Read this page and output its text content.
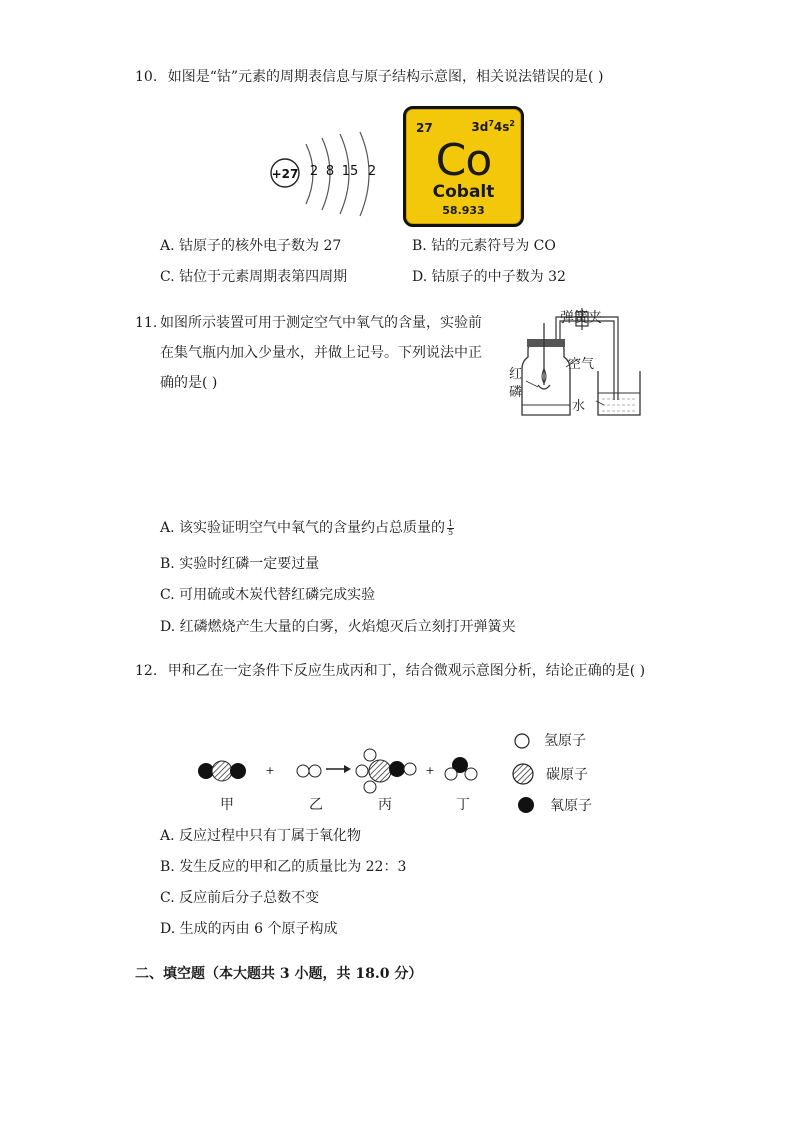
10. 如图是“钴”元素的周期表信息与原子结构示意图，相关说法错误的是( )
+27 2 8 15 2
27	$3d^74s^2$
Co
Cobalt
58.933
A. 钴原子的核外电子数为 27	B. 钴的元素符号为 CO
C. 钴位于元素周期表第四周期	D. 钴原子的中子数为 32
11. 如图所示装置可用于测定空气中氧气的含量，实验前
在集气瓶内加入少量水，并做上记号。下列说法中正
确的是( )
弹簧夹
空气
红
磷
水
A. 该实验证明空气中氧气的含量约占总质量的 $\frac{1}{5}$
B. 实验时红磷一定要过量
C. 可用硫或木炭代替红磷完成实验
D. 红磷燃烧产生大量的白雾，火焰熄灭后立刻打开弹簧夹
12. 甲和乙在一定条件下反应生成丙和丁，结合微观示意图分析，结论正确的是( )
+	+
甲	乙	丙	丁
氢原子
碳原子
氧原子
A. 反应过程中只有丁属于氧化物
B. 发生反应的甲和乙的质量比为 22：3
C. 反应前后分子总数不变
D. 生成的丙由 6 个原子构成
二、填空题（本大题共 3 小题，共 18.0 分）
